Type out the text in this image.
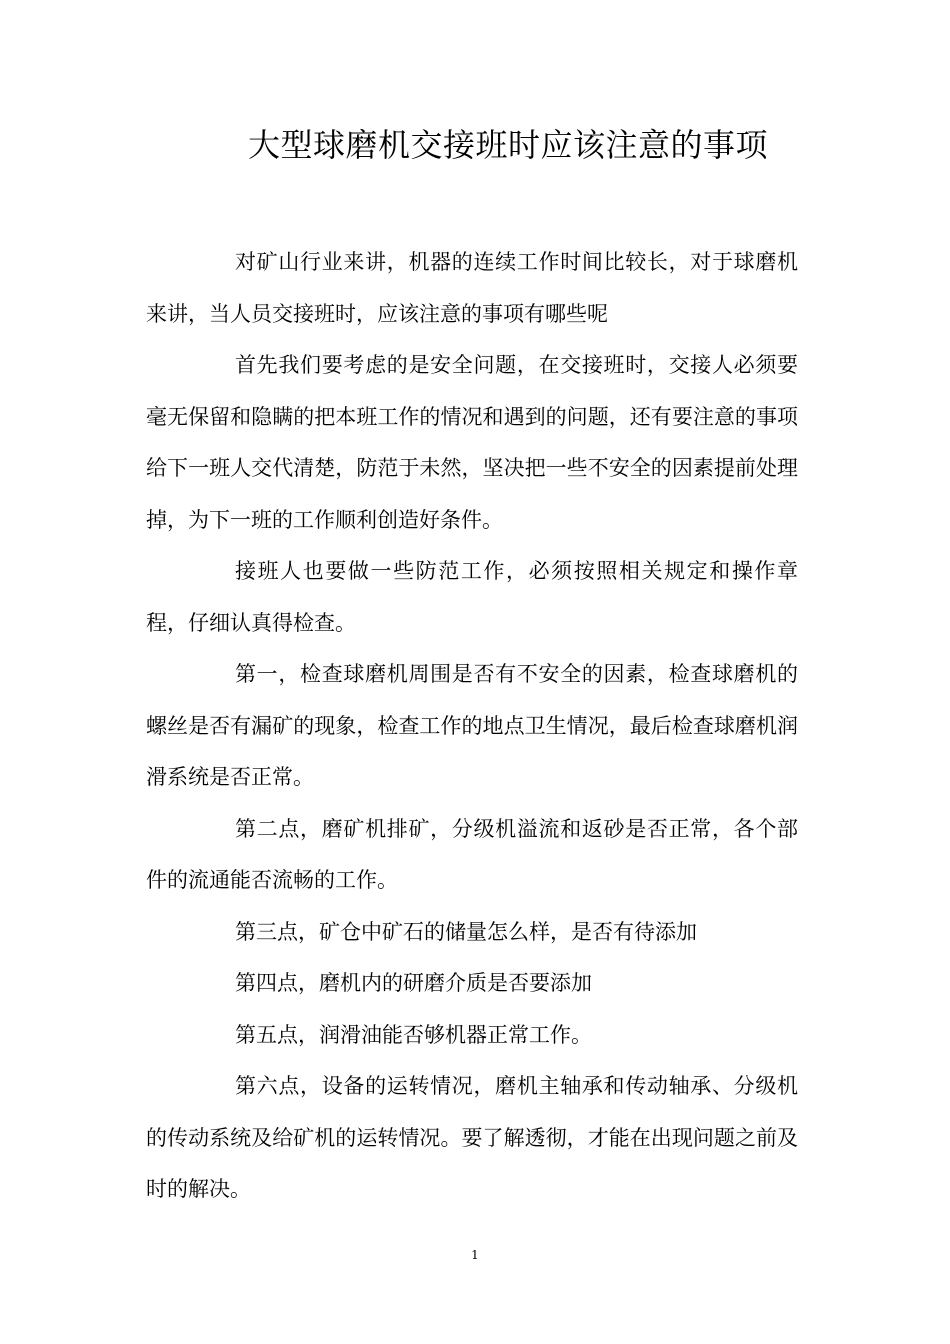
大型球磨机交接班时应该注意的事项

对矿山行业来讲，机器的连续工作时间比较长，对于球磨机来讲，当人员交接班时，应该注意的事项有哪些呢

首先我们要考虑的是安全问题，在交接班时，交接人必须要毫无保留和隐瞒的把本班工作的情况和遇到的问题，还有要注意的事项给下一班人交代清楚，防范于未然，坚决把一些不安全的因素提前处理掉，为下一班的工作顺利创造好条件。

接班人也要做一些防范工作，必须按照相关规定和操作章程，仔细认真得检查。

第一，检查球磨机周围是否有不安全的因素，检查球磨机的螺丝是否有漏矿的现象，检查工作的地点卫生情况，最后检查球磨机润滑系统是否正常。

第二点，磨矿机排矿，分级机溢流和返砂是否正常，各个部件的流通能否流畅的工作。

第三点，矿仓中矿石的储量怎么样，是否有待添加

第四点，磨机内的研磨介质是否要添加

第五点，润滑油能否够机器正常工作。

第六点，设备的运转情况，磨机主轴承和传动轴承、分级机的传动系统及给矿机的运转情况。要了解透彻，才能在出现问题之前及时的解决。

1
